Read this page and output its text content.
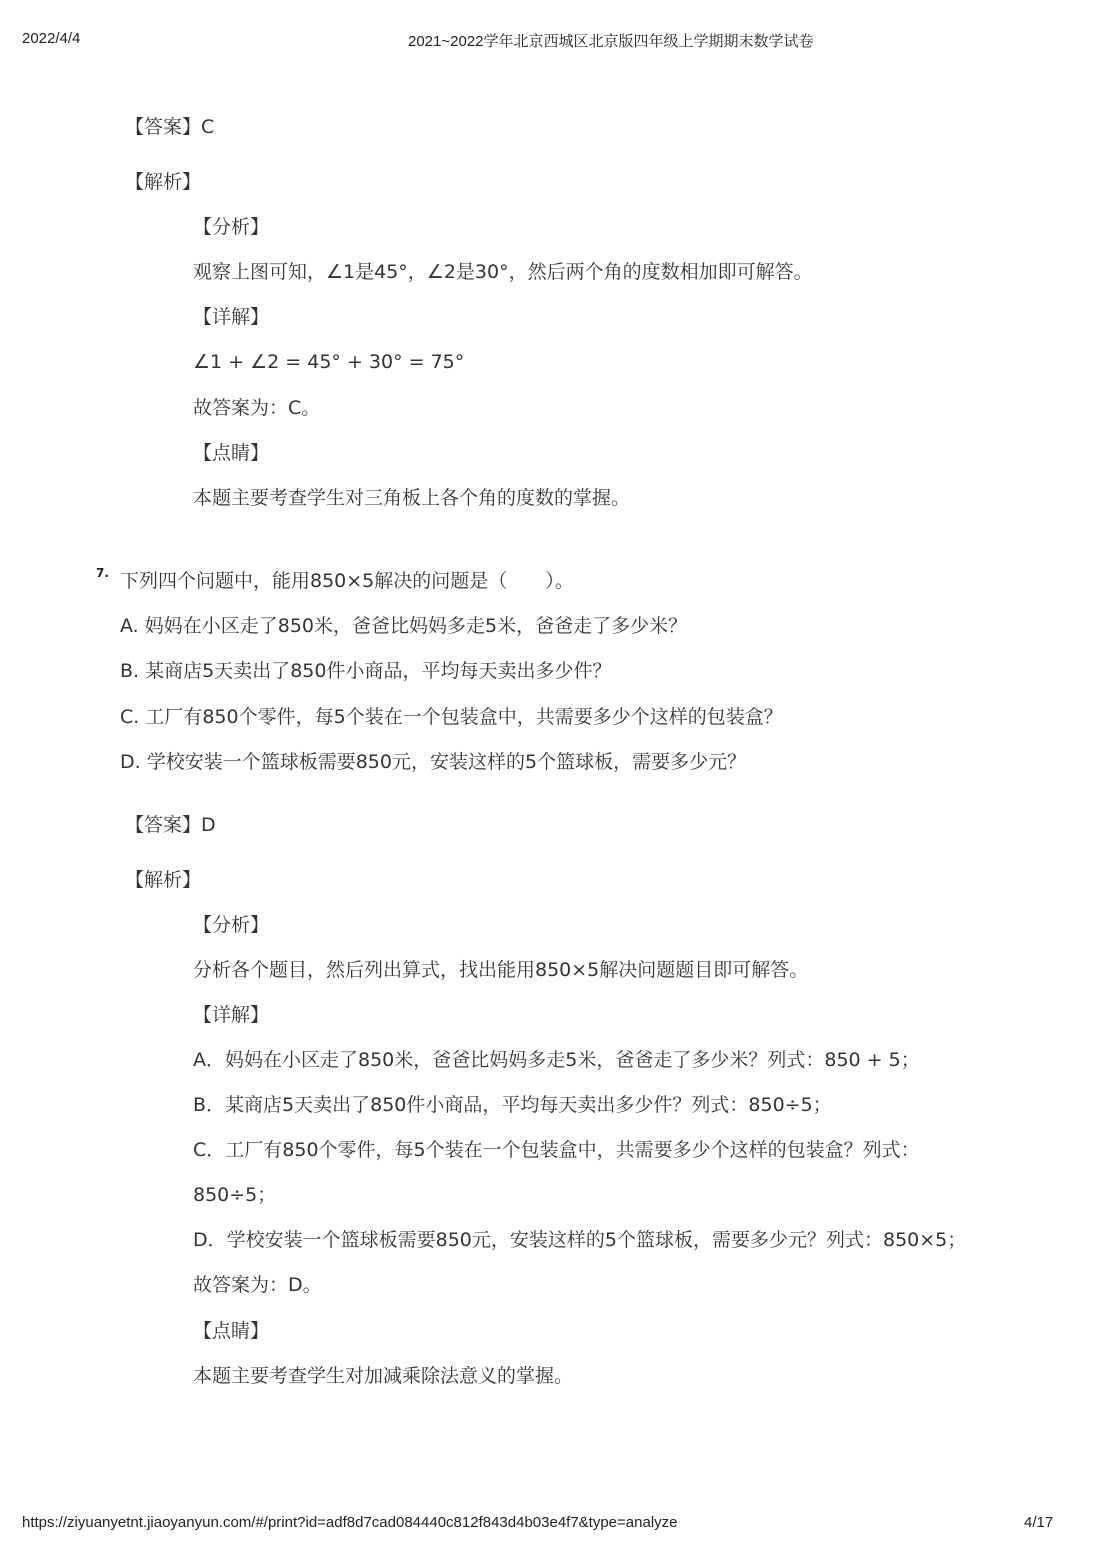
2022/4/4	2021~2022学年北京西城区北京版四年级上学期期末数学试卷
【答案】C
【解析】
【分析】
观察上图可知，∠1是45°，∠2是30°，然后两个角的度数相加即可解答。
【详解】
∠1 + ∠2 = 45° + 30° = 75°
故答案为：C。
【点睛】
本题主要考查学生对三角板上各个角的度数的掌握。
7. 下列四个问题中，能用850×5解决的问题是（　　）。
A. 妈妈在小区走了850米，爸爸比妈妈多走5米，爸爸走了多少米？
B. 某商店5天卖出了850件小商品，平均每天卖出多少件？
C. 工厂有850个零件，每5个装在一个包装盒中，共需要多少个这样的包装盒？
D. 学校安装一个篮球板需要850元，安装这样的5个篮球板，需要多少元？
【答案】D
【解析】
【分析】
分析各个题目，然后列出算式，找出能用850×5解决问题题目即可解答。
【详解】
A．妈妈在小区走了850米，爸爸比妈妈多走5米，爸爸走了多少米？列式：850 + 5；
B．某商店5天卖出了850件小商品，平均每天卖出多少件？列式：850÷5；
C．工厂有850个零件，每5个装在一个包装盒中，共需要多少个这样的包装盒？列式：
850÷5；
D．学校安装一个篮球板需要850元，安装这样的5个篮球板，需要多少元？列式：850×5；
故答案为：D。
【点睛】
本题主要考查学生对加减乘除法意义的掌握。
https://ziyuanyetnt.jiaoyanyun.com/#/print?id=adf8d7cad084440c812f843d4b03e4f7&type=analyze	4/17
